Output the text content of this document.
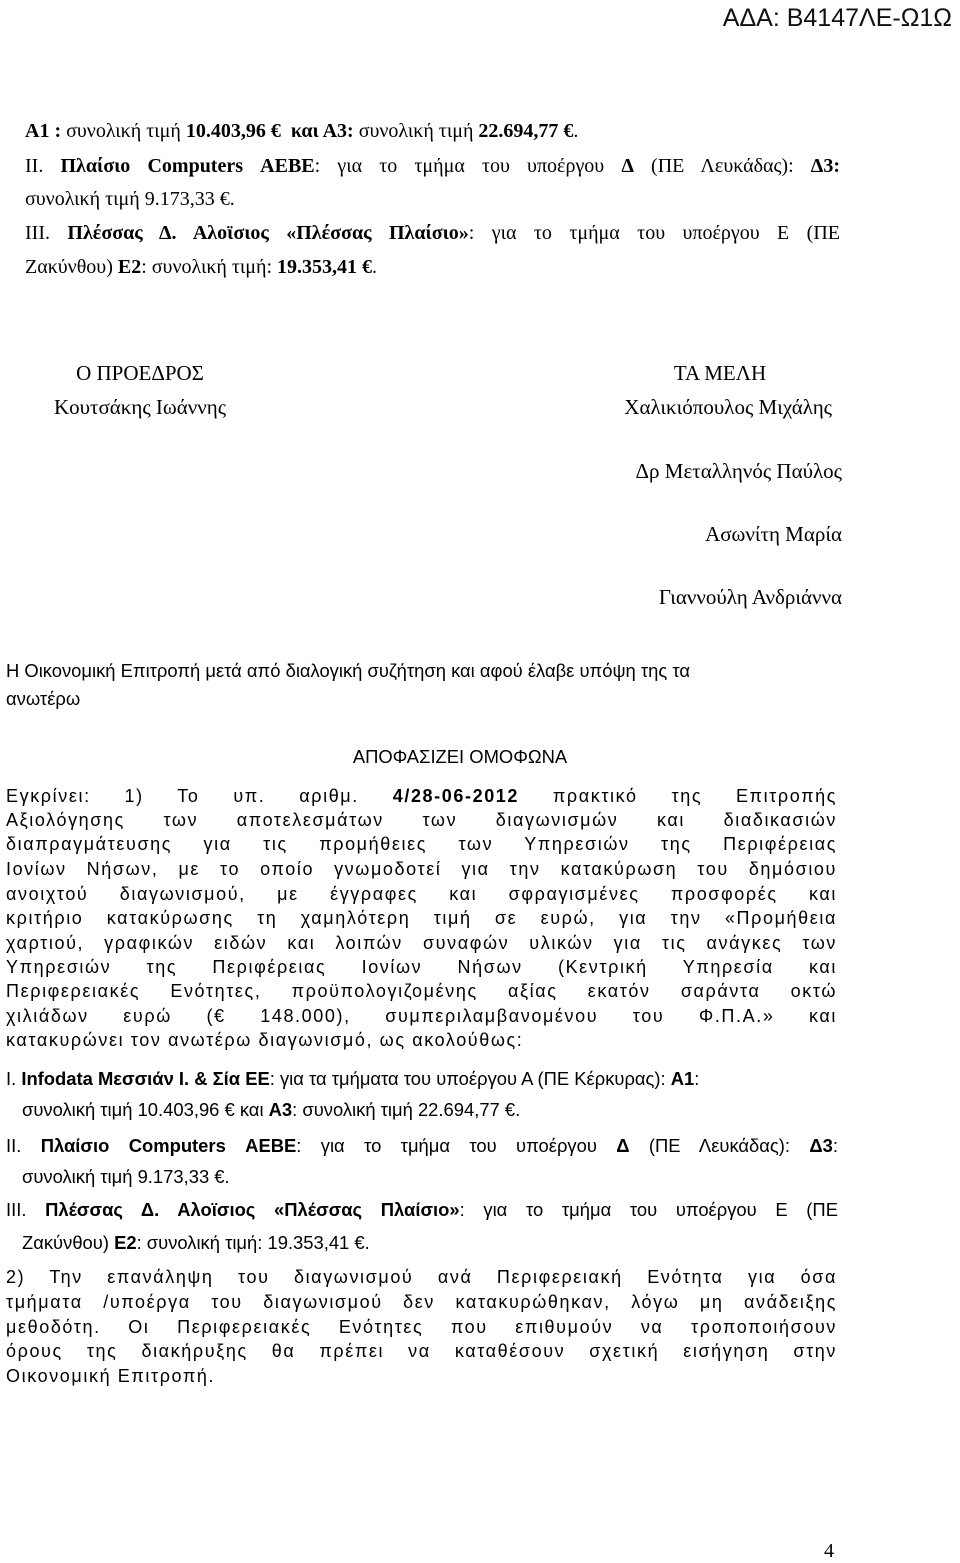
ΑΔΑ: Β4147ΛΕ-Ω1Ω
Α1 : συνολική τιμή 10.403,96 € και Α3: συνολική τιμή 22.694,77 €.
ΙΙ. Πλαίσιο Computers ΑΕΒΕ: για το τμήμα του υποέργου Δ (ΠΕ Λευκάδας): Δ3:
συνολική τιμή 9.173,33 €.
ΙΙΙ. Πλέσσας Δ. Αλοϊσιος «Πλέσσας Πλαίσιο»: για το τμήμα του υποέργου Ε (ΠΕ
Ζακύνθου) Ε2: συνολική τιμή: 19.353,41 €.
Ο ΠΡΟΕΔΡΟΣ
Κουτσάκης Ιωάννης
ΤΑ ΜΕΛΗ
Χαλικιόπουλος Μιχάλης
Δρ Μεταλληνός Παύλος
Ασωνίτη Μαρία
Γιαννούλη Ανδριάννα
Η Οικονομική Επιτροπή μετά από διαλογική συζήτηση και αφού έλαβε υπόψη της τα
ανωτέρω
ΑΠΟΦΑΣΙΖΕΙ ΟΜΟΦΩΝΑ
Εγκρίνει: 1) Το υπ. αριθμ. 4/28-06-2012 πρακτικό της Επιτροπής
Αξιολόγησης των αποτελεσμάτων των διαγωνισμών και διαδικασιών
διαπραγμάτευσης για τις προμήθειες των Υπηρεσιών της Περιφέρειας
Ιονίων Νήσων, με το οποίο γνωμοδοτεί για την κατακύρωση του δημόσιου
ανοιχτού διαγωνισμού, με έγγραφες και σφραγισμένες προσφορές και
κριτήριο κατακύρωσης τη χαμηλότερη τιμή σε ευρώ, για την «Προμήθεια
χαρτιού, γραφικών ειδών και λοιπών συναφών υλικών για τις ανάγκες των
Υπηρεσιών της Περιφέρειας Ιονίων Νήσων (Κεντρική Υπηρεσία και
Περιφερειακές Ενότητες, προϋπολογιζομένης αξίας εκατόν σαράντα οκτώ
χιλιάδων ευρώ (€ 148.000), συμπεριλαμβανομένου του Φ.Π.Α.» και
κατακυρώνει τον ανωτέρω διαγωνισμό, ως ακολούθως:
Ι. Infodata Μεσσιάν Ι. & Σία ΕΕ: για τα τμήματα του υποέργου Α (ΠΕ Κέρκυρας): Α1:
συνολική τιμή 10.403,96 € και Α3: συνολική τιμή 22.694,77 €.
ΙΙ. Πλαίσιο Computers ΑΕΒΕ: για το τμήμα του υποέργου Δ (ΠΕ Λευκάδας): Δ3:
συνολική τιμή 9.173,33 €.
ΙΙΙ. Πλέσσας Δ. Αλοϊσιος «Πλέσσας Πλαίσιο»: για το τμήμα του υποέργου Ε (ΠΕ
Ζακύνθου) Ε2: συνολική τιμή: 19.353,41 €.
2) Την επανάληψη του διαγωνισμού ανά Περιφερειακή Ενότητα για όσα
τμήματα /υποέργα του διαγωνισμού δεν κατακυρώθηκαν, λόγω μη ανάδειξης
μεθοδότη. Οι Περιφερειακές Ενότητες που επιθυμούν να τροποποιήσουν
όρους της διακήρυξης θα πρέπει να καταθέσουν σχετική εισήγηση στην
Οικονομική Επιτροπή.
4
